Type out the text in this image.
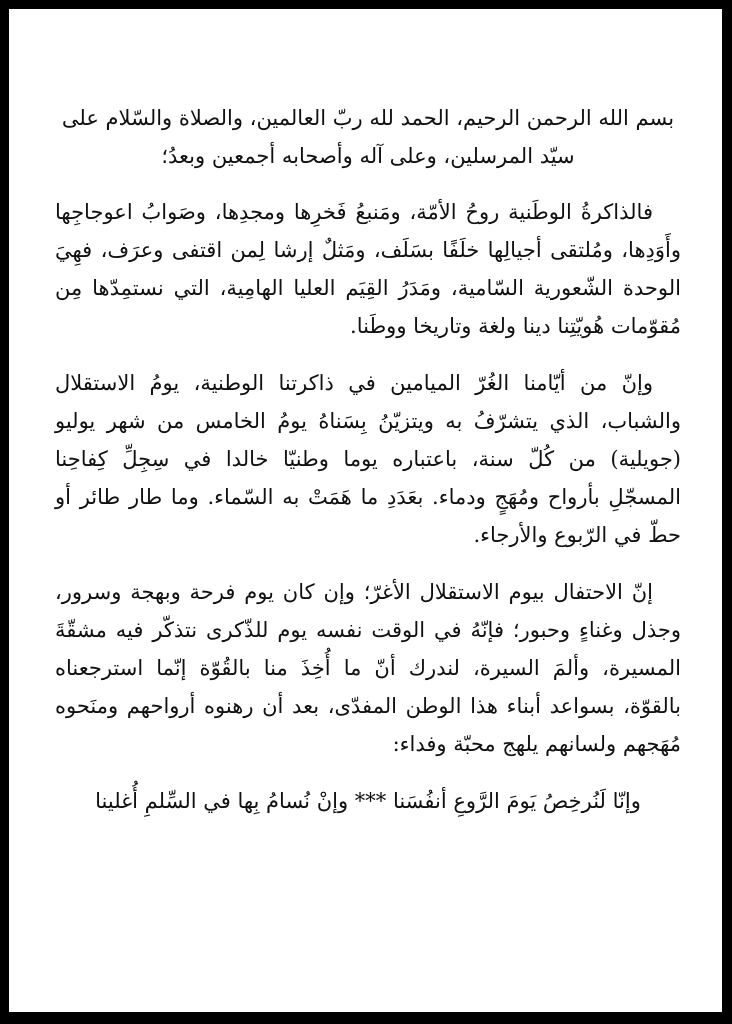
بسم الله الرحمن الرحيم، الحمد لله ربّ العالمين، والصلاة والسّلام على سيّد المرسلين، وعلى آله وأصحابه أجمعين وبعدُ؛

فالذاكرةُ الوطَنية روحُ الأمّة، ومَنبعُ فَخرِها ومجدِها، وصَوابُ اعوجاجِها وأَوَدِها، ومُلتقى أجيالِها خلَفًا بسَلَف، ومَثلٌ إرشا لِمن اقتفى وعرَف، فهِيَ الوحدة الشّعورية السّامية، ومَدَرُ القِيَم العليا الهامِية، التي نستمِدّها مِن مُقوّمات هُويّتِنا دينا ولغة وتاريخا ووطَنا.

وإنّ من أيّامنا الغُرّ الميامين في ذاكرتنا الوطنية، يومُ الاستقلال والشباب، الذي يتشرّفُ به ويتزيّنُ بِسَناهُ يومُ الخامس من شهر يوليو (جويلية) من كُلّ سنة، باعتباره يوما وطنيّا خالدا في سِجِلِّ كِفاحِنا المسجّلِ بأرواح ومُهَجٍ ودماء. بعَدَدِ ما هَمَتْ به السّماء. وما طار طائر أو حطّ في الرّبوع والأرجاء.

إنّ الاحتفال بيوم الاستقلال الأغرّ؛ وإن كان يوم فرحة وبهجة وسرور، وجذل وغناءٍ وحبور؛ فإنّهُ في الوقت نفسه يوم للذّكرى نتذكّر فيه مشقّةَ المسيرة، وألمَ السيرة، لندرك أنّ ما أُخِذَ منا بالقُوّة إنّما استرجعناه بالقوّة، بسواعد أبناء هذا الوطن المفدّى، بعد أن رهنوه أرواحهم ومنَحوه مُهَجهم ولسانهم يلهج محبّة وفداء:

وإنّا لَنُرخِصُ يَومَ الرَّوعِ أنفُسَنا *** وإنْ نُسامُ بِها في السِّلمِ أُغلينا
